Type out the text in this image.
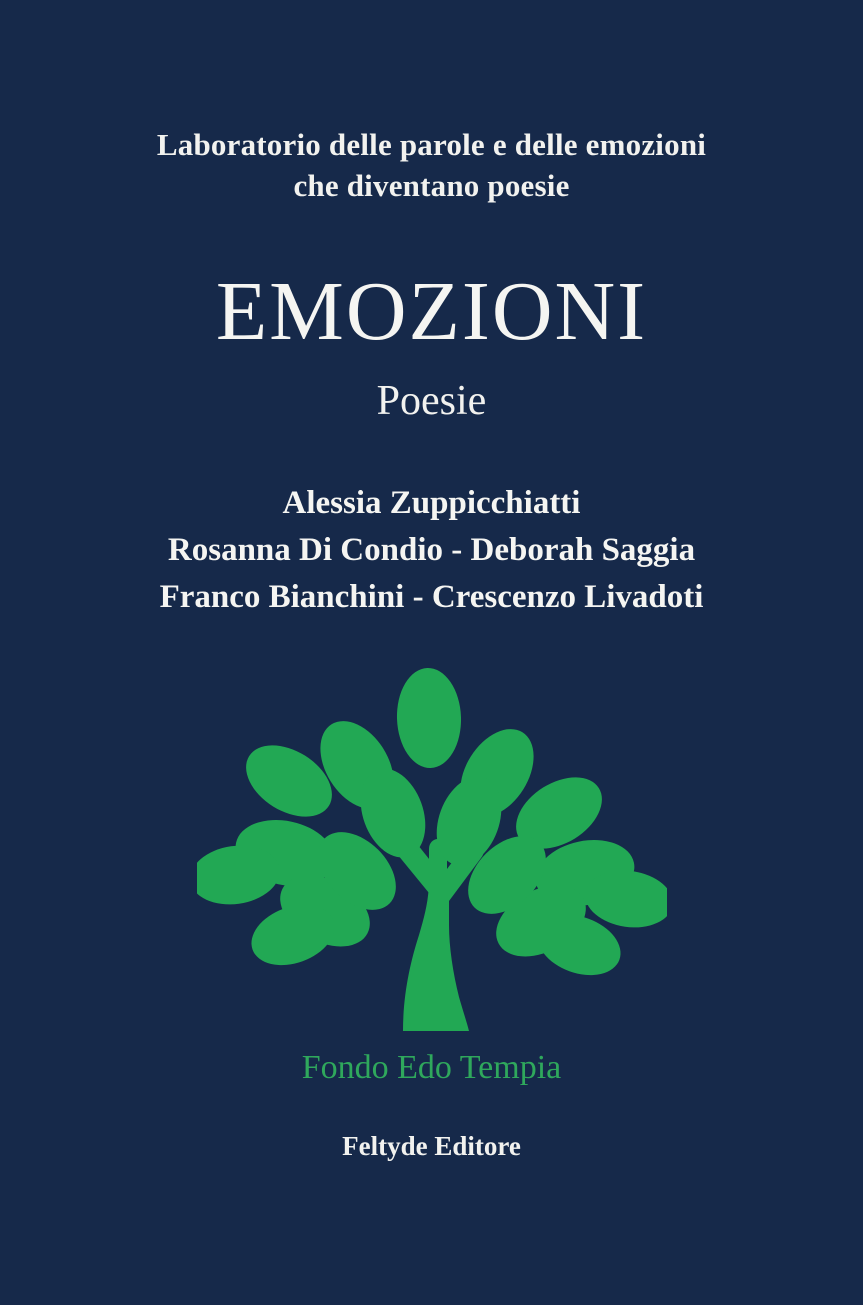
Laboratorio delle parole e delle emozioni
che diventano poesie
EMOZIONI
Poesie
Alessia Zuppicchiatti
Rosanna Di Condio - Deborah Saggia
Franco Bianchini - Crescenzo Livadoti
Fondo Edo Tempia
Feltyde Editore
